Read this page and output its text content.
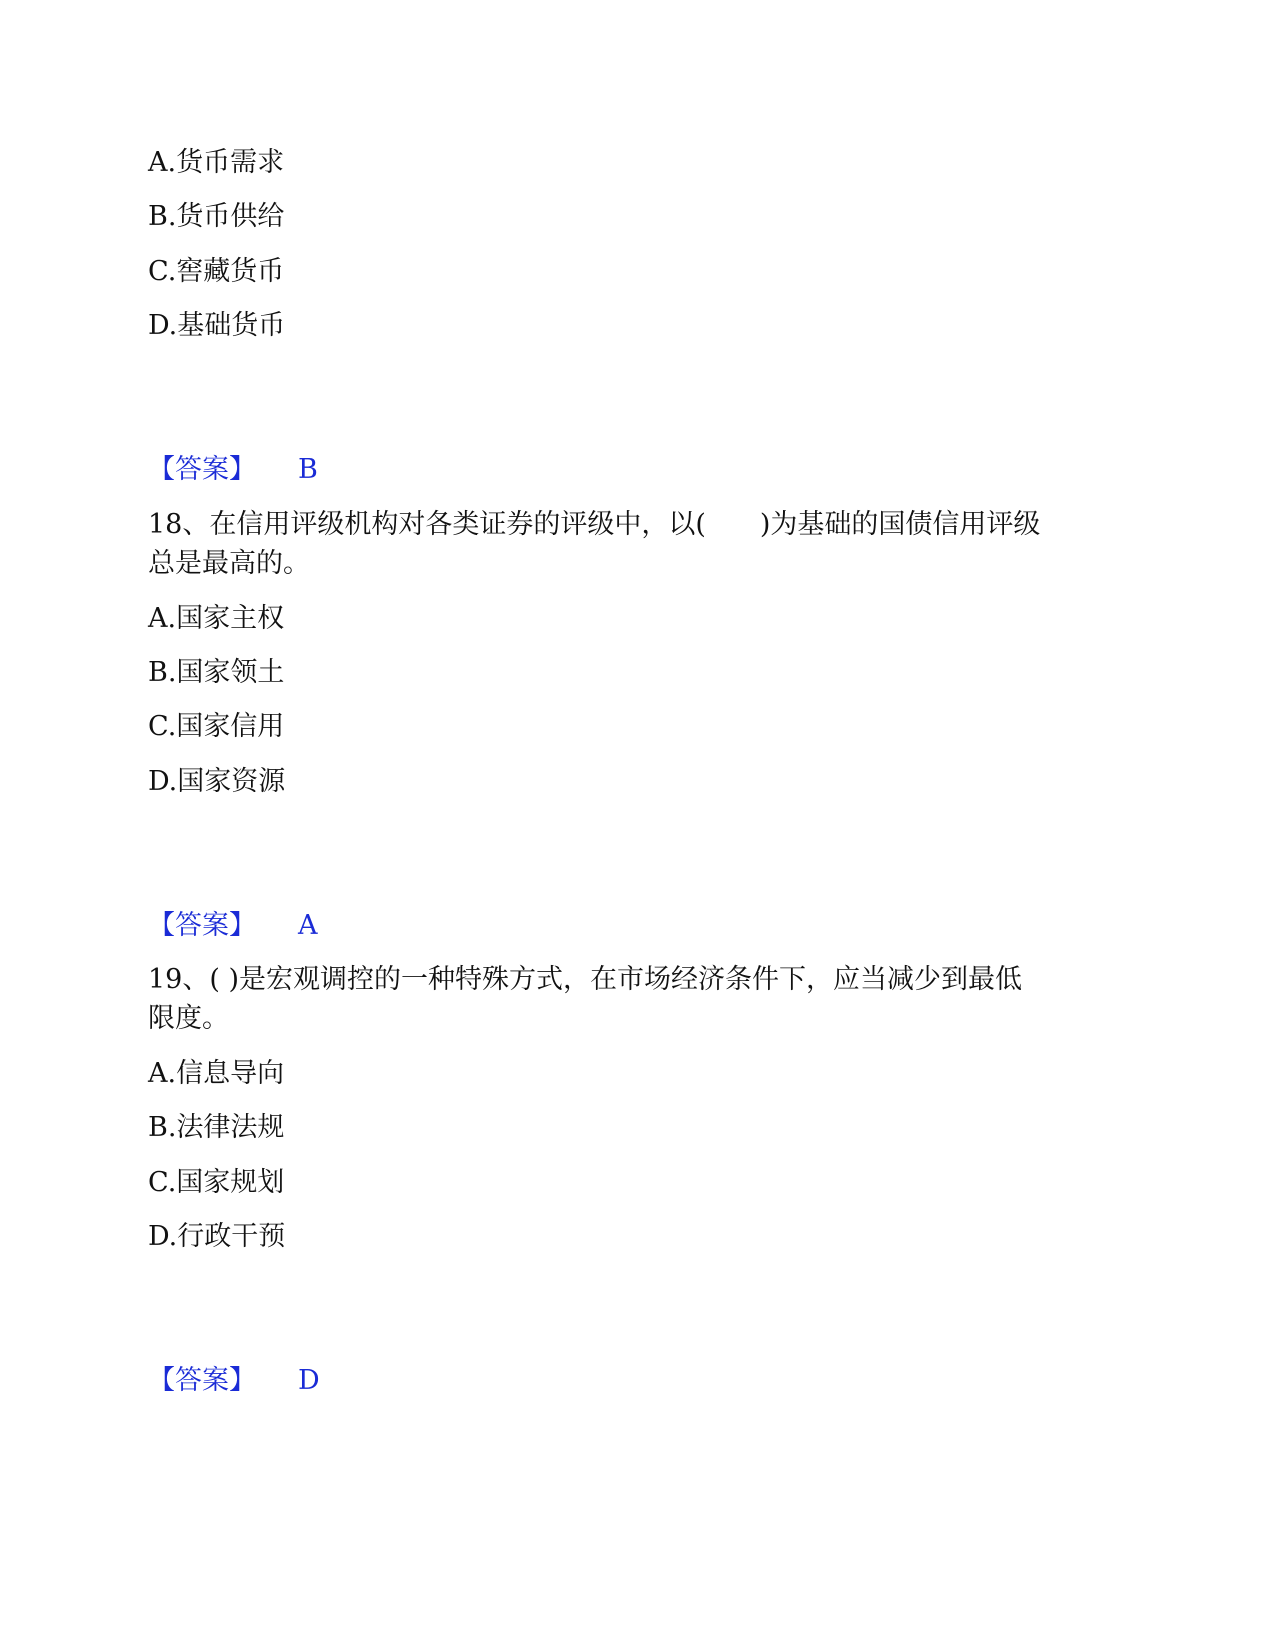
A.货币需求
B.货币供给
C.窖藏货币
D.基础货币
【答案】 B
18、在信用评级机构对各类证券的评级中，以(　　)为基础的国债信用评级
总是最高的。
A.国家主权
B.国家领土
C.国家信用
D.国家资源
【答案】 A
19、( )是宏观调控的一种特殊方式，在市场经济条件下，应当减少到最低
限度。
A.信息导向
B.法律法规
C.国家规划
D.行政干预
【答案】 D
